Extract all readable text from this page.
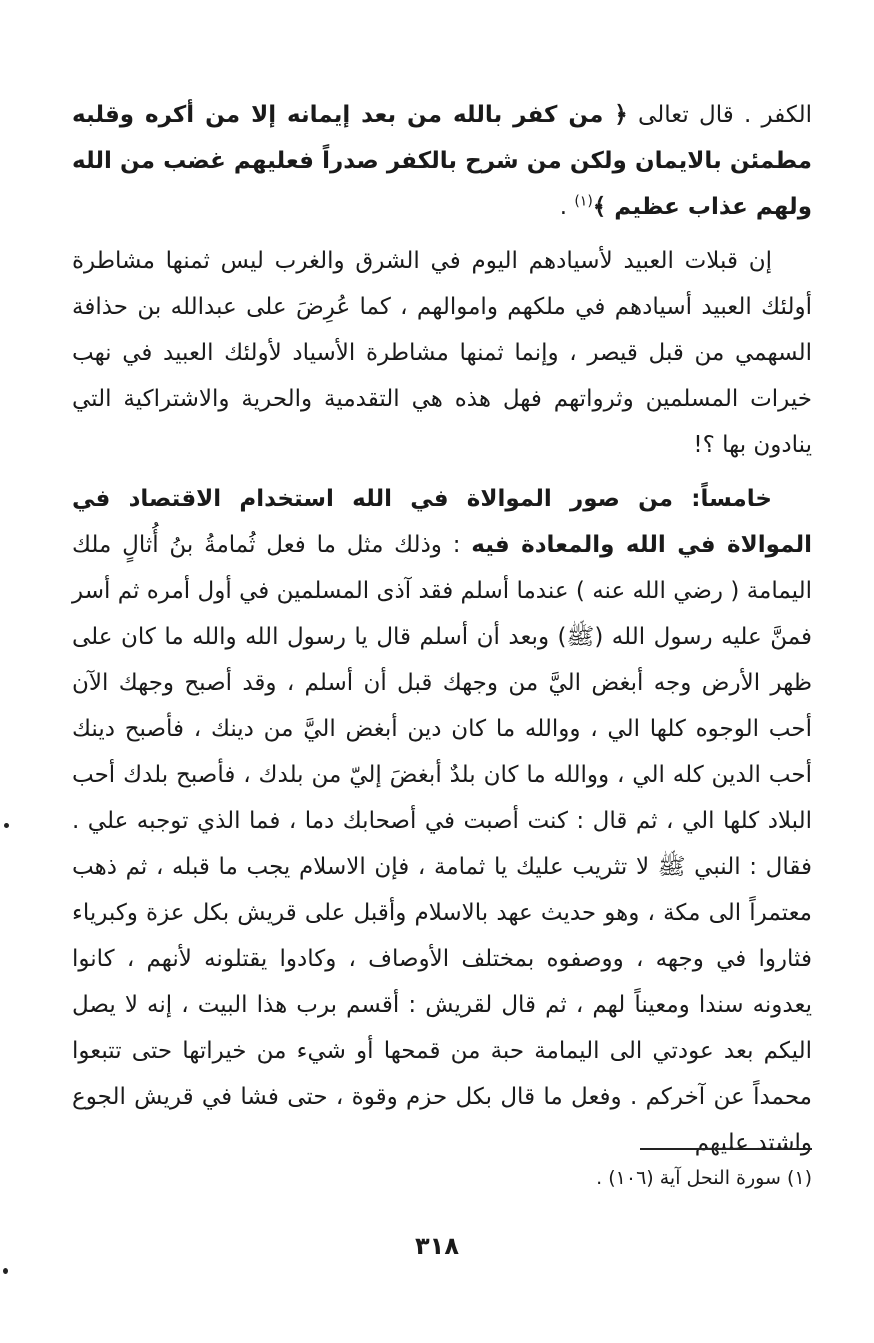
الكفر . قال تعالى ﴿ من كفر بالله من بعد إيمانه إلا من أكره وقلبه مطمئن بالايمان ولكن من شرح بالكفر صدراً فعليهم غضب من الله ولهم عذاب عظيم ﴾$^{(١)}$ .

إن قبلات العبيد لأسيادهم اليوم في الشرق والغرب ليس ثمنها مشاطرة أولئك العبيد أسيادهم في ملكهم واموالهم ، كما عُرِضَ على عبدالله بن حذافة السهمي من قبل قيصر ، وإنما ثمنها مشاطرة الأسياد لأولئك العبيد في نهب خيرات المسلمين وثرواتهم فهل هذه هي التقدمية والحرية والاشتراكية التي ينادون بها ؟!

خامساً: من صور الموالاة في الله استخدام الاقتصاد في الموالاة في الله والمعادة فيه : وذلك مثل ما فعل ثُمامةُ بنُ أُثالٍ ملك اليمامة ( رضي الله عنه ) عندما أسلم فقد آذى المسلمين في أول أمره ثم أسر فمنَّ عليه رسول الله (ﷺ) وبعد أن أسلم قال يا رسول الله والله ما كان على ظهر الأرض وجه أبغض اليَّ من وجهك قبل أن أسلم ، وقد أصبح وجهك الآن أحب الوجوه كلها الي ، ووالله ما كان دين أبغض اليَّ من دينك ، فأصبح دينك أحب الدين كله الي ، ووالله ما كان بلدٌ أبغضَ إليّ من بلدك ، فأصبح بلدك أحب البلاد كلها الي ، ثم قال : كنت أصبت في أصحابك دما ، فما الذي توجبه علي . فقال : النبي ﷺ لا تثريب عليك يا ثمامة ، فإن الاسلام يجب ما قبله ، ثم ذهب معتمراً الى مكة ، وهو حديث عهد بالاسلام وأقبل على قريش بكل عزة وكبرياء فثاروا في وجهه ، ووصفوه بمختلف الأوصاف ، وكادوا يقتلونه لأنهم ، كانوا يعدونه سندا ومعيناً لهم ، ثم قال لقريش : أقسم برب هذا البيت ، إنه لا يصل اليكم بعد عودتي الى اليمامة حبة من قمحها أو شيء من خيراتها حتى تتبعوا محمداً عن آخركم . وفعل ما قال بكل حزم وقوة ، حتى فشا في قريش الجوع واشتد عليهم

(١) سورة النحل آية (١٠٦) .
٣١٨
